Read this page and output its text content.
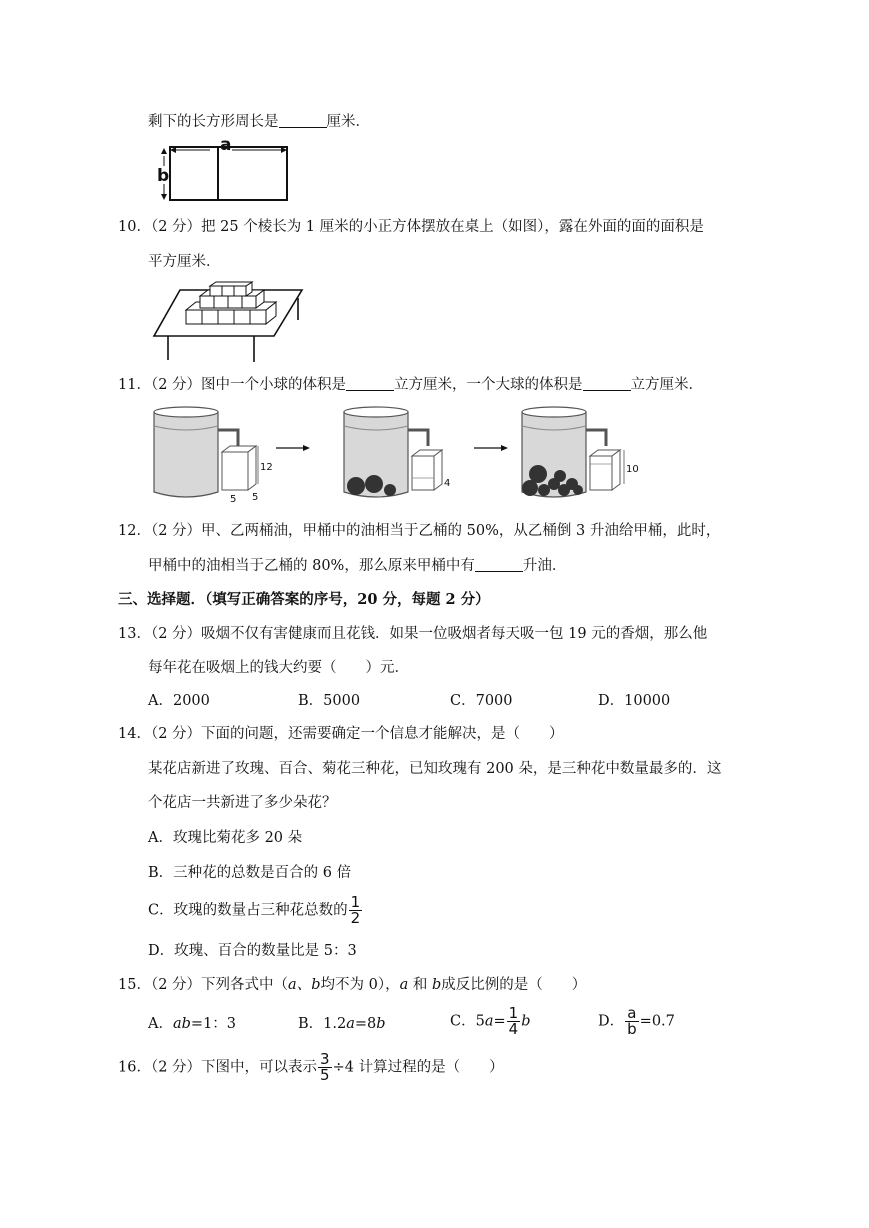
剩下的长方形周长是	厘米．
a
b
10．（2 分）把 25 个棱长为 1 厘米的小正方体摆放在桌上（如图），露在外面的面的面积是
平方厘米．
11．（2 分）图中一个小球的体积是	立方厘米，一个大球的体积是	立方厘米．
12
5 5
4
10
12．（2 分）甲、乙两桶油，甲桶中的油相当于乙桶的 50%，从乙桶倒 3 升油给甲桶，此时，
甲桶中的油相当于乙桶的 80%，那么原来甲桶中有	升油．
三、选择题．（填写正确答案的序号，20 分，每题 2 分）
13．（2 分）吸烟不仅有害健康而且花钱．如果一位吸烟者每天吸一包 19 元的香烟，那么他
每年花在吸烟上的钱大约要（　　）元．
A．2000	B．5000	C．7000	D．10000
14．（2 分）下面的问题，还需要确定一个信息才能解决，是（　　）
某花店新进了玫瑰、百合、菊花三种花，已知玫瑰有 200 朵，是三种花中数量最多的．这
个花店一共新进了多少朵花？
A．玫瑰比菊花多 20 朵
B．三种花的总数是百合的 6 倍
C．玫瑰的数量占三种花总数的 $\frac{1}{2}$
D．玫瑰、百合的数量比是 5：3
15．（2 分）下列各式中（a、b均不为 0），a 和 b成反比例的是（　　）
A．ab=1：3	B．1.2a=8b	C．$5a= \frac{1}{4}$ b	D． $\frac{a}{b} =0.7$
16．（2 分）下图中，可以表示 $\frac{3}{5} \div 4$ 计算过程的是（　　）
